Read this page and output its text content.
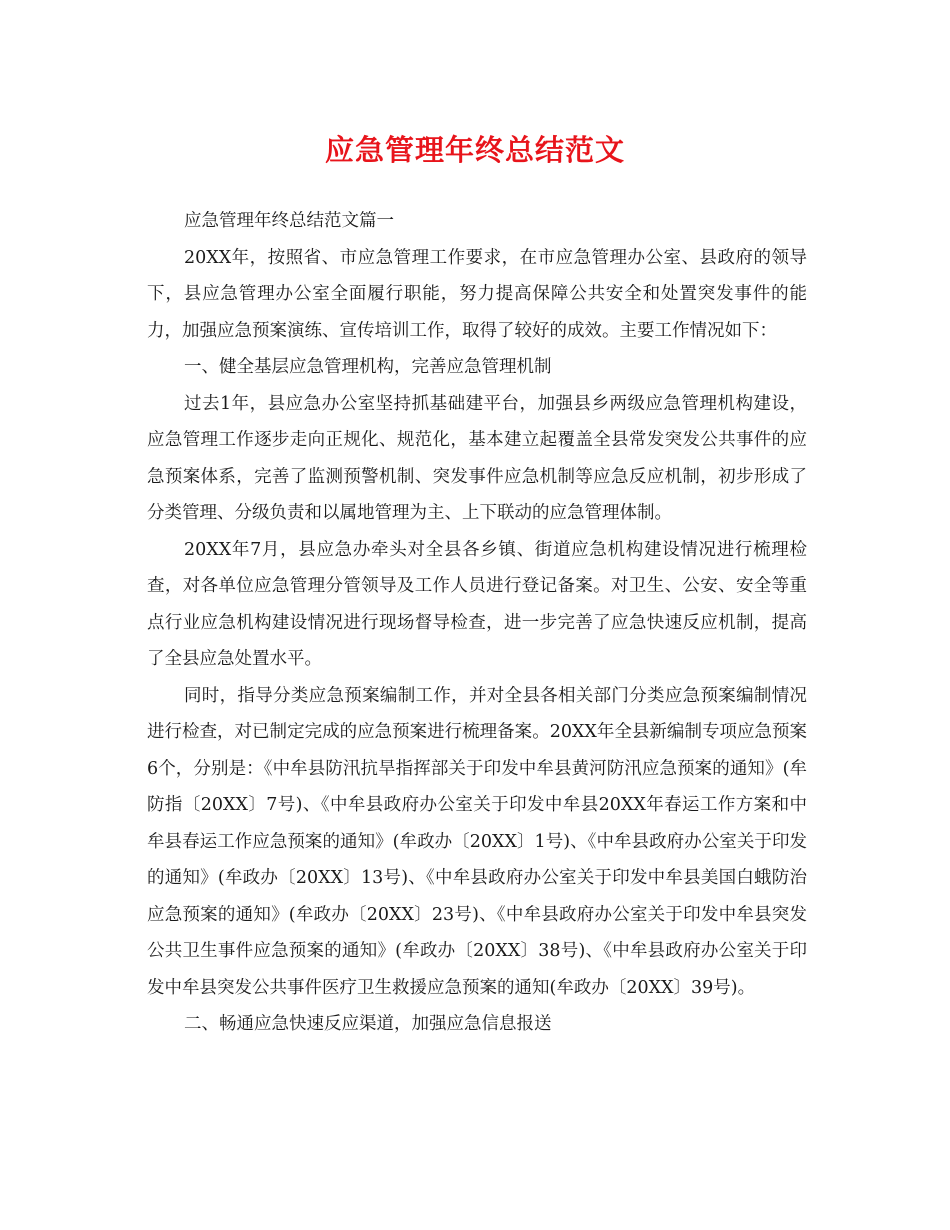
应急管理年终总结范文

应急管理年终总结范文篇一

20XX年，按照省、市应急管理工作要求，在市应急管理办公室、县政府的领导下，县应急管理办公室全面履行职能，努力提高保障公共安全和处置突发事件的能力，加强应急预案演练、宣传培训工作，取得了较好的成效。主要工作情况如下：

一、健全基层应急管理机构，完善应急管理机制

过去1年，县应急办公室坚持抓基础建平台，加强县乡两级应急管理机构建设，应急管理工作逐步走向正规化、规范化，基本建立起覆盖全县常发突发公共事件的应急预案体系，完善了监测预警机制、突发事件应急机制等应急反应机制，初步形成了分类管理、分级负责和以属地管理为主、上下联动的应急管理体制。

20XX年7月，县应急办牵头对全县各乡镇、街道应急机构建设情况进行梳理检查，对各单位应急管理分管领导及工作人员进行登记备案。对卫生、公安、安全等重点行业应急机构建设情况进行现场督导检查，进一步完善了应急快速反应机制，提高了全县应急处置水平。

同时，指导分类应急预案编制工作，并对全县各相关部门分类应急预案编制情况进行检查，对已制定完成的应急预案进行梳理备案。20XX年全县新编制专项应急预案6个，分别是：《中牟县防汛抗旱指挥部关于印发中牟县黄河防汛应急预案的通知》(牟防指〔20XX〕7号)、《中牟县政府办公室关于印发中牟县20XX年春运工作方案和中牟县春运工作应急预案的通知》(牟政办〔20XX〕1号)、《中牟县政府办公室关于印发的通知》(牟政办〔20XX〕13号)、《中牟县政府办公室关于印发中牟县美国白蛾防治应急预案的通知》(牟政办〔20XX〕23号)、《中牟县政府办公室关于印发中牟县突发公共卫生事件应急预案的通知》(牟政办〔20XX〕38号)、《中牟县政府办公室关于印发中牟县突发公共事件医疗卫生救援应急预案的通知(牟政办〔20XX〕39号)。

二、畅通应急快速反应渠道，加强应急信息报送
